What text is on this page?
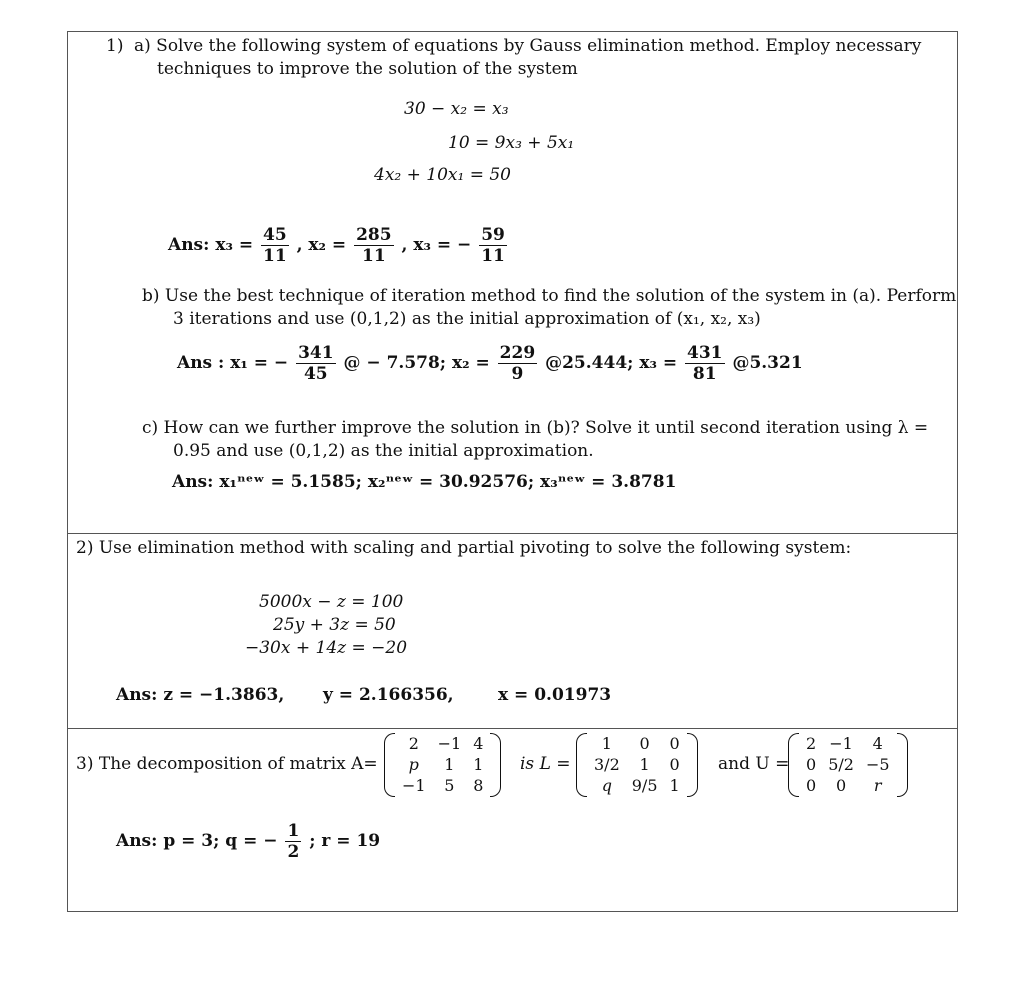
1) a) Solve the following system of equations by Gauss elimination method. Employ necessary
techniques to improve the solution of the system
30 − x₂ = x₃
10 = 9x₃ + 5x₁
4x₂ + 10x₁ = 50
Ans: $x_3 = \frac{45}{11}$ , $x_2 = \frac{285}{11}$ , x₃ = − $\frac{59}{11}$
b) Use the best technique of iteration method to find the solution of the system in (a). Perform
3 iterations and use (0,1,2) as the initial approximation of (x₁, x₂, x₃)
Ans : x₁ = − $\frac{341}{45}$ @ − 7.578; $x_2 = \frac{229}{9}$ @25.444; $x_3 = \frac{431}{81}$ @5.321
c) How can we further improve the solution in (b)? Solve it until second iteration using λ =
0.95 and use (0,1,2) as the initial approximation.
Ans: x₁ⁿᵉʷ = 5.1585; x₂ⁿᵉʷ = 30.92576; x₃ⁿᵉʷ = 3.8781
2) Use elimination method with scaling and partial pivoting to solve the following system:
5000x − z = 100
25y + 3z = 50
−30x + 14z = −20
Ans: z = −1.3863, y = 2.166356,	x = 0.01973
3) The decomposition of matrix A=
2	−1	4
p	1	1
−1	5	8
is L =
1	0	0
3/2	1	0
q	9/5	1
and U =
2	−1	4
0	5/2	−5
0	0	r
Ans: p = 3; q = − $\frac{1}{2}$ ; r = 19
